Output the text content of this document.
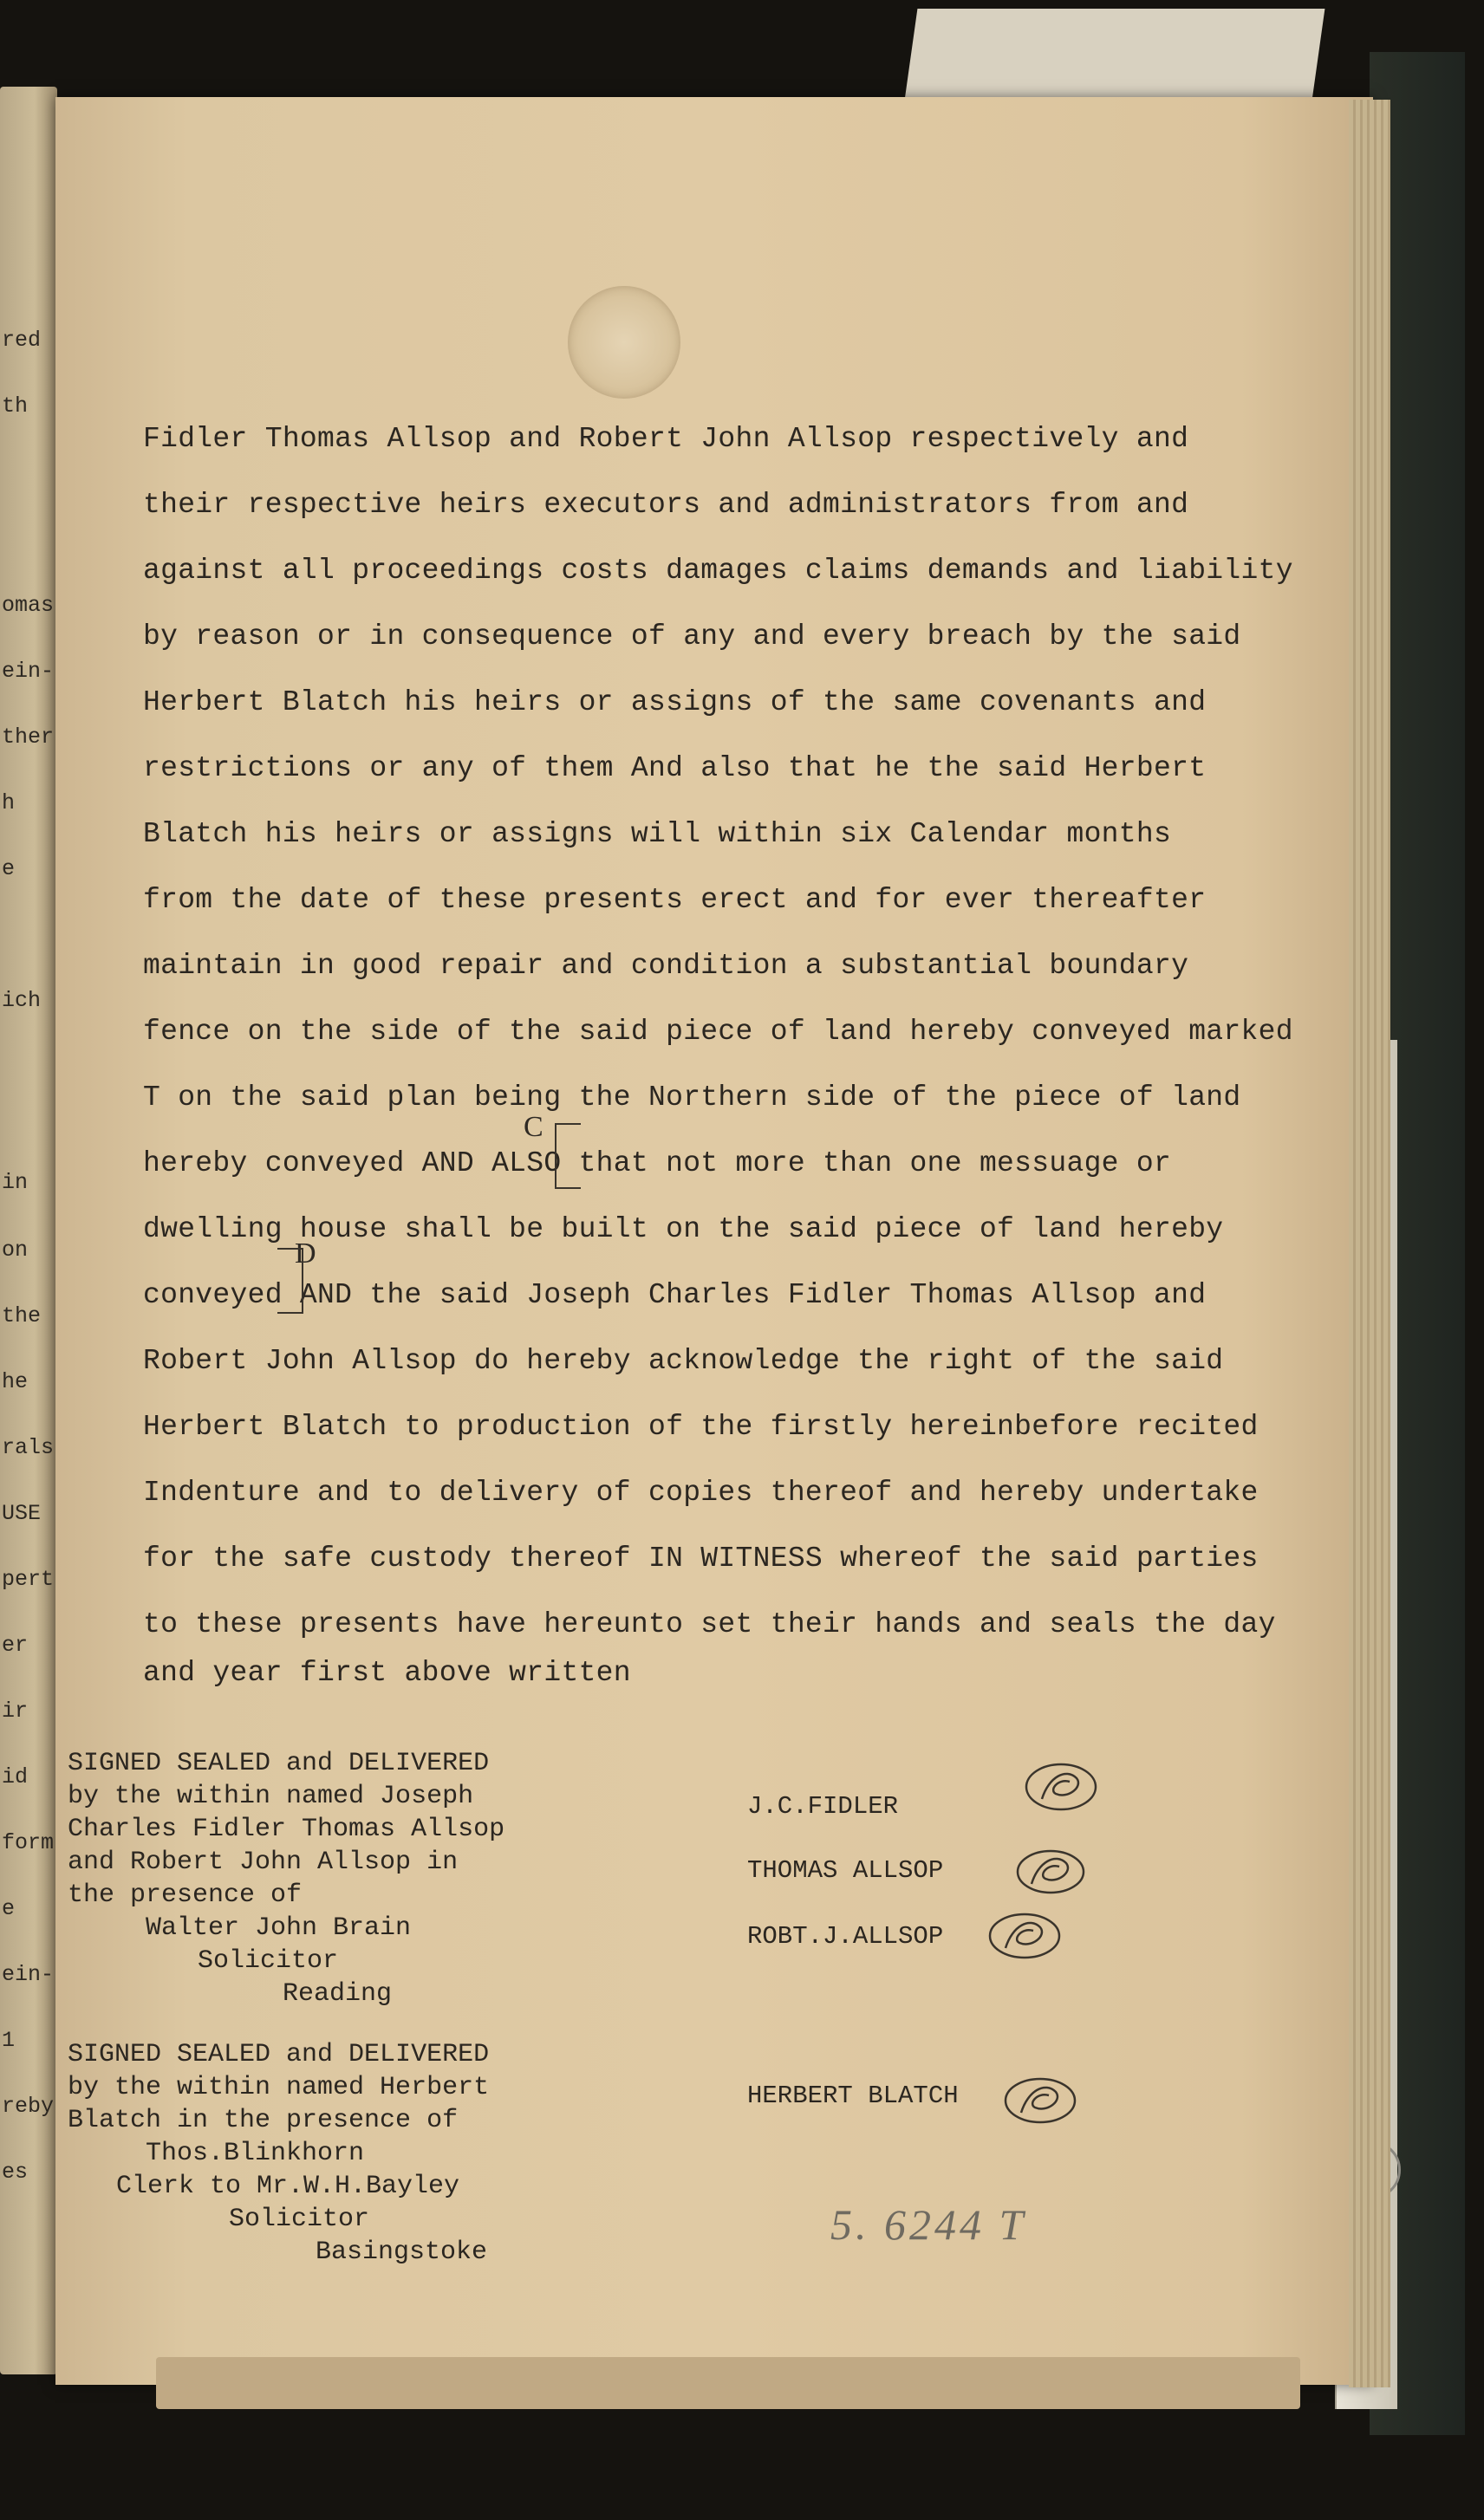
red
th
omas
ein-
ther
h
e
ich
in
on
the
he
rals
USE
pert
er
ir
id
form
e
ein-
1
reby
es
Fidler Thomas Allsop and Robert John Allsop respectively and
their respective heirs executors and administrators from and
against all proceedings costs damages claims demands and liability
by reason or in consequence of any and every breach by the said
Herbert Blatch his heirs or assigns of the same covenants and
restrictions or any of them And also that he the said Herbert
Blatch his heirs or assigns will within six Calendar months
from the date of these presents erect and for ever thereafter
maintain in good repair and condition a substantial boundary
fence on the side of the said piece of land hereby conveyed marked
T on the said plan being the Northern side of the piece of land
hereby conveyed AND ALSO that not more than one messuage or
dwelling house shall be built on the said piece of land hereby
conveyed AND the said Joseph Charles Fidler Thomas Allsop and
Robert John Allsop do hereby acknowledge the right of the said
Herbert Blatch to production of the firstly hereinbefore recited
Indenture and to delivery of copies thereof and hereby undertake
for the safe custody thereof IN WITNESS whereof the said parties
to these presents have hereunto set their hands and seals the day
and year first above written
C
D
SIGNED SEALED and DELIVERED
by the within named Joseph
Charles Fidler Thomas Allsop
and Robert John Allsop in
the presence of
Walter John Brain
Solicitor
Reading
SIGNED SEALED and DELIVERED
by the within named Herbert
Blatch in the presence of
Thos.Blinkhorn
Clerk to Mr.W.H.Bayley
Solicitor
Basingstoke
J.C.FIDLER
THOMAS ALLSOP
ROBT.J.ALLSOP
HERBERT BLATCH
5. 6244 T
